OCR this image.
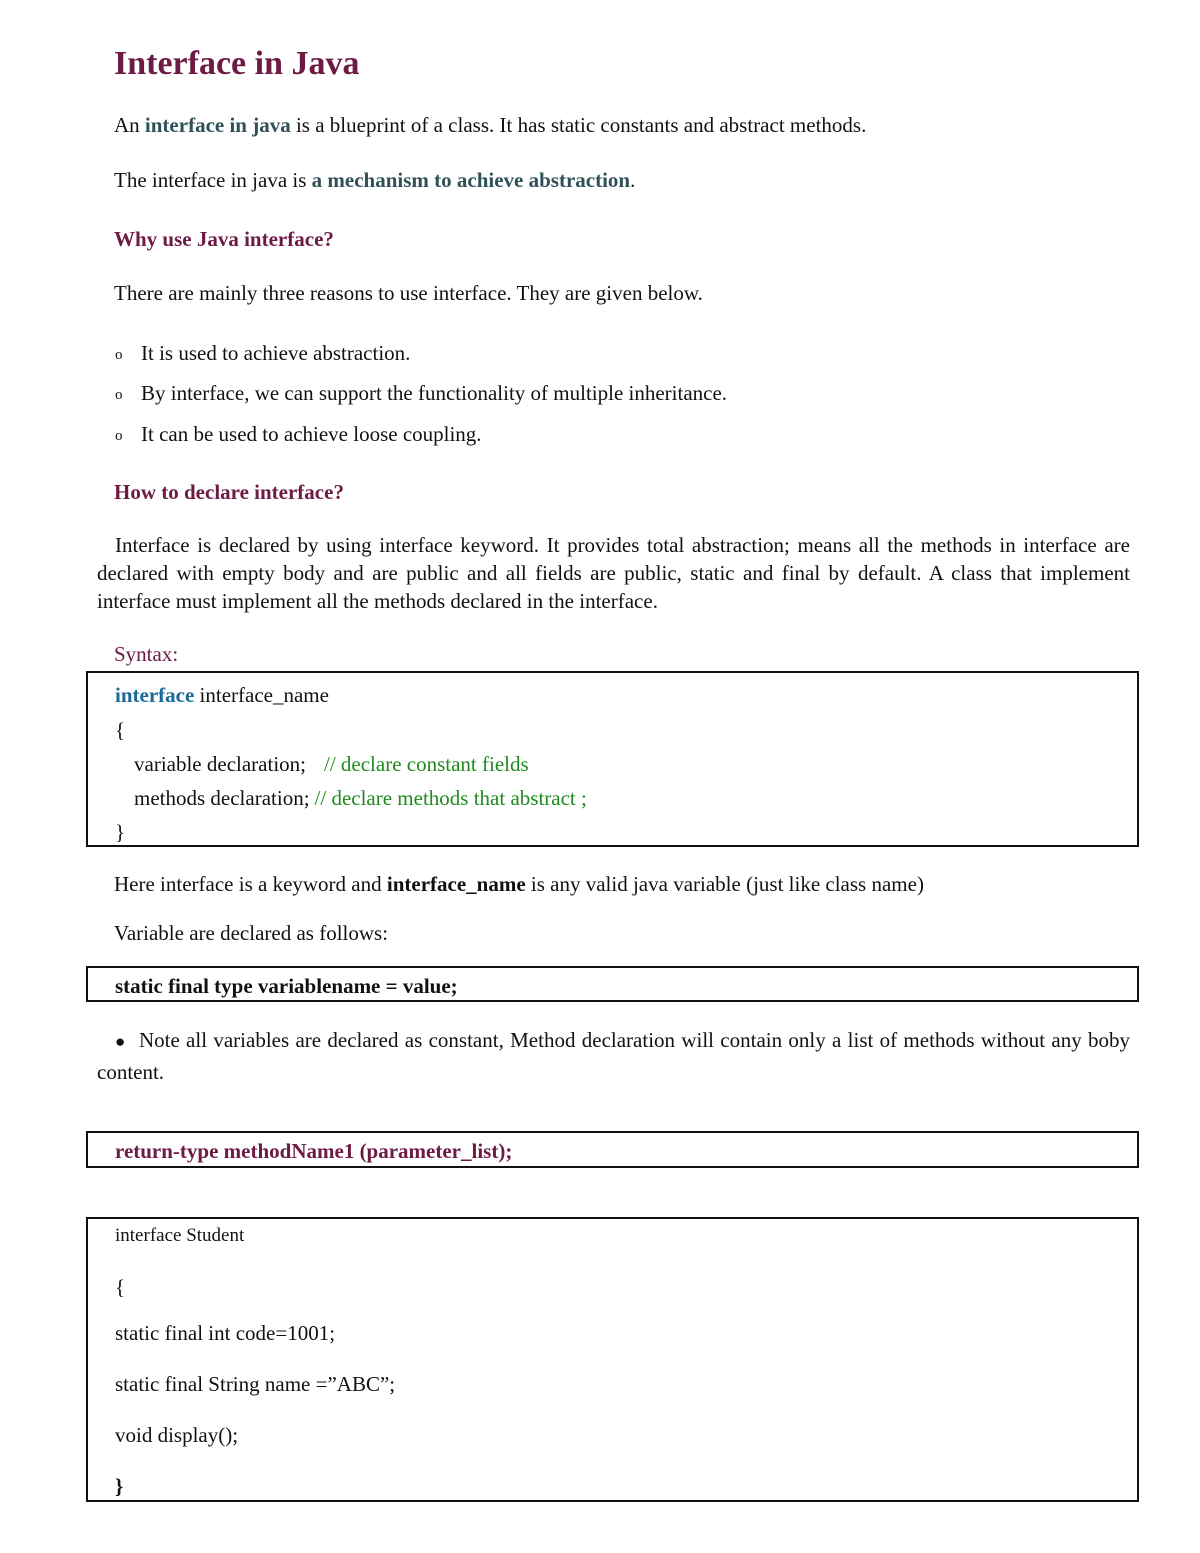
Interface in Java
An interface in java is a blueprint of a class. It has static constants and abstract methods.
The interface in java is a mechanism to achieve abstraction.
Why use Java interface?
There are mainly three reasons to use interface. They are given below.
o It is used to achieve abstraction.
o By interface, we can support the functionality of multiple inheritance.
o It can be used to achieve loose coupling.
How to declare interface?
Interface is declared by using interface keyword. It provides total abstraction; means all the methods in interface are declared with empty body and are public and all fields are public, static and final by default. A class that implement interface must implement all the methods declared in the interface.
Syntax:
interface interface_name
{
variable declaration; // declare constant fields
methods declaration; // declare methods that abstract ;
}
Here interface is a keyword and interface_name is any valid java variable (just like class name)
Variable are declared as follows:
static final type variablename = value;
● Note all variables are declared as constant, Method declaration will contain only a list of methods without any boby content.
return-type methodName1 (parameter_list);
interface Student
{
static final int code=1001;
static final String name =”ABC”;
void display();
}
